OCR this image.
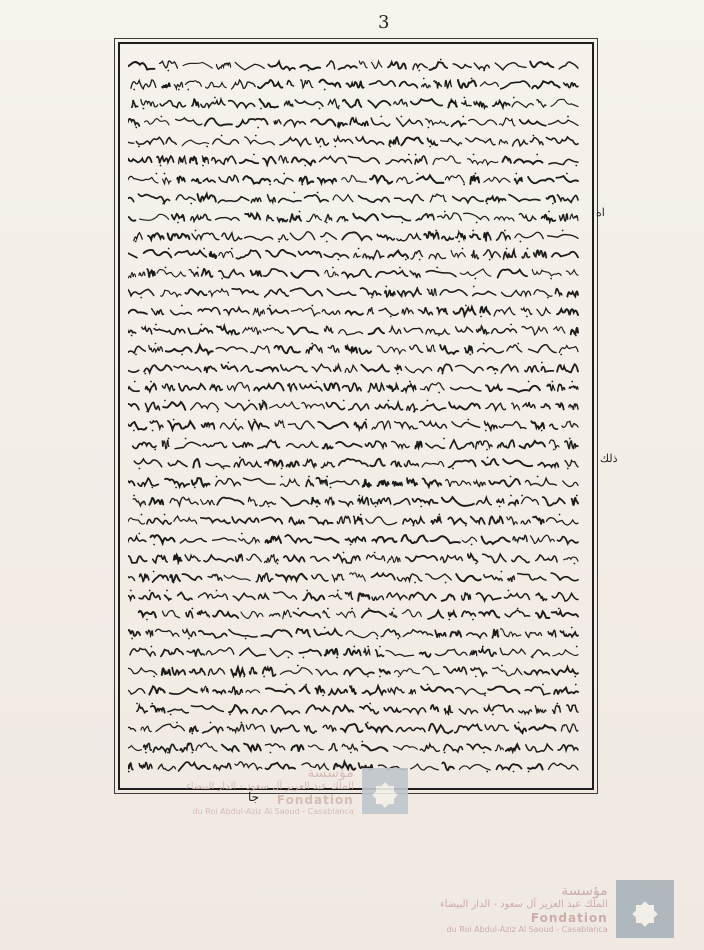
3
اه
ذلك
جا
مؤسسة
الملك عبد العزيز آل سعود - الدار البيضاء
Fondation
du Roi Abdul-Aziz Al Saoud - Casablanca
مؤسسة
الملك عبد العزيز آل سعود - الدار البيضاء
Fondation
du Roi Abdul-Aziz Al Saoud - Casablanca
